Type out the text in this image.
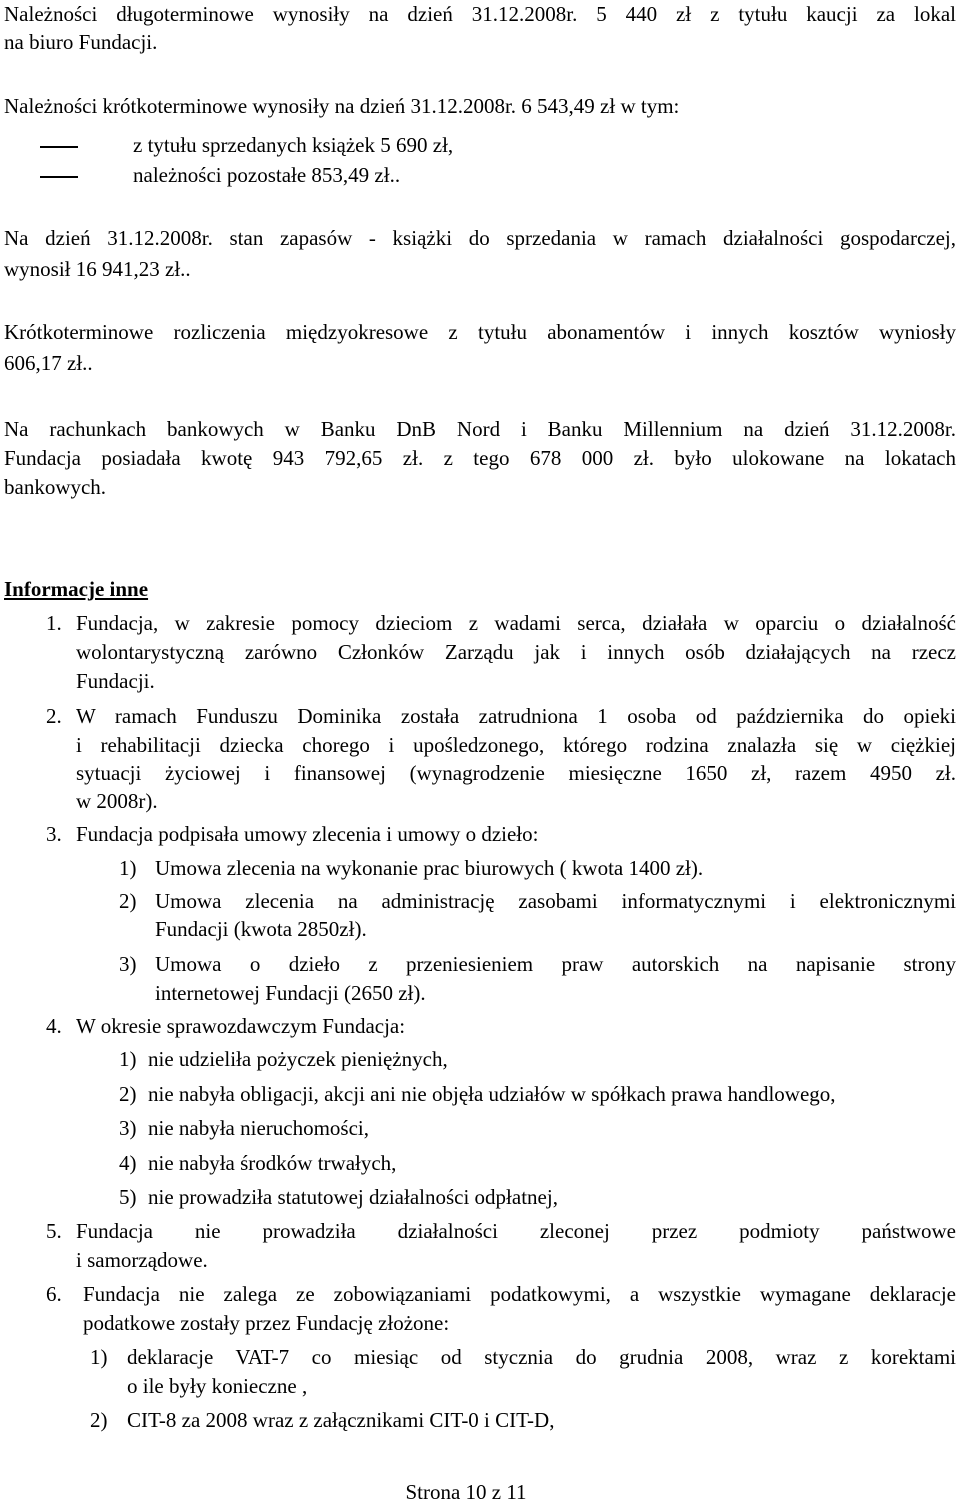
Należności długoterminowe wynosiły na dzień 31.12.2008r. 5 440 zł z tytułu kaucji za lokal
na biuro Fundacji.
Należności krótkoterminowe wynosiły na dzień 31.12.2008r. 6 543,49 zł w tym:
z tytułu sprzedanych książek 5 690 zł,
należności pozostałe 853,49 zł..
Na dzień 31.12.2008r. stan zapasów - książki do sprzedania w ramach działalności gospodarczej,
wynosił 16 941,23 zł..
Krótkoterminowe rozliczenia międzyokresowe z tytułu abonamentów i innych kosztów wyniosły
606,17 zł..
Na rachunkach bankowych w Banku DnB Nord i Banku Millennium na dzień 31.12.2008r.
Fundacja posiadała kwotę 943 792,65 zł. z tego 678 000 zł. było ulokowane na lokatach
bankowych.
Informacje inne
1. Fundacja, w zakresie pomocy dzieciom z wadami serca, działała w oparciu o działalność
wolontarystyczną zarówno Członków Zarządu jak i innych osób działających na rzecz
Fundacji.
2. W ramach Funduszu Dominika została zatrudniona 1 osoba od października do opieki
i rehabilitacji dziecka chorego i upośledzonego, którego rodzina znalazła się w ciężkiej
sytuacji życiowej i finansowej (wynagrodzenie miesięczne 1650 zł, razem 4950 zł.
w 2008r).
3. Fundacja podpisała umowy zlecenia i umowy o dzieło:
1) Umowa zlecenia na wykonanie prac biurowych ( kwota 1400 zł).
2) Umowa zlecenia na administrację zasobami informatycznymi i elektronicznymi
Fundacji (kwota 2850zł).
3) Umowa o dzieło z przeniesieniem praw autorskich na napisanie strony
internetowej Fundacji (2650 zł).
4. W okresie sprawozdawczym Fundacja:
1) nie udzieliła pożyczek pieniężnych,
2) nie nabyła obligacji, akcji ani nie objęła udziałów w spółkach prawa handlowego,
3) nie nabyła nieruchomości,
4) nie nabyła środków trwałych,
5) nie prowadziła statutowej działalności odpłatnej,
5. Fundacja nie prowadziła działalności zleconej przez podmioty państwowe
i samorządowe.
6. Fundacja nie zalega ze zobowiązaniami podatkowymi, a wszystkie wymagane deklaracje
podatkowe zostały przez Fundację złożone:
1) deklaracje VAT-7 co miesiąc od stycznia do grudnia 2008, wraz z korektami
o ile były konieczne ,
2) CIT-8 za 2008 wraz z załącznikami CIT-0 i CIT-D,
Strona 10 z 11
